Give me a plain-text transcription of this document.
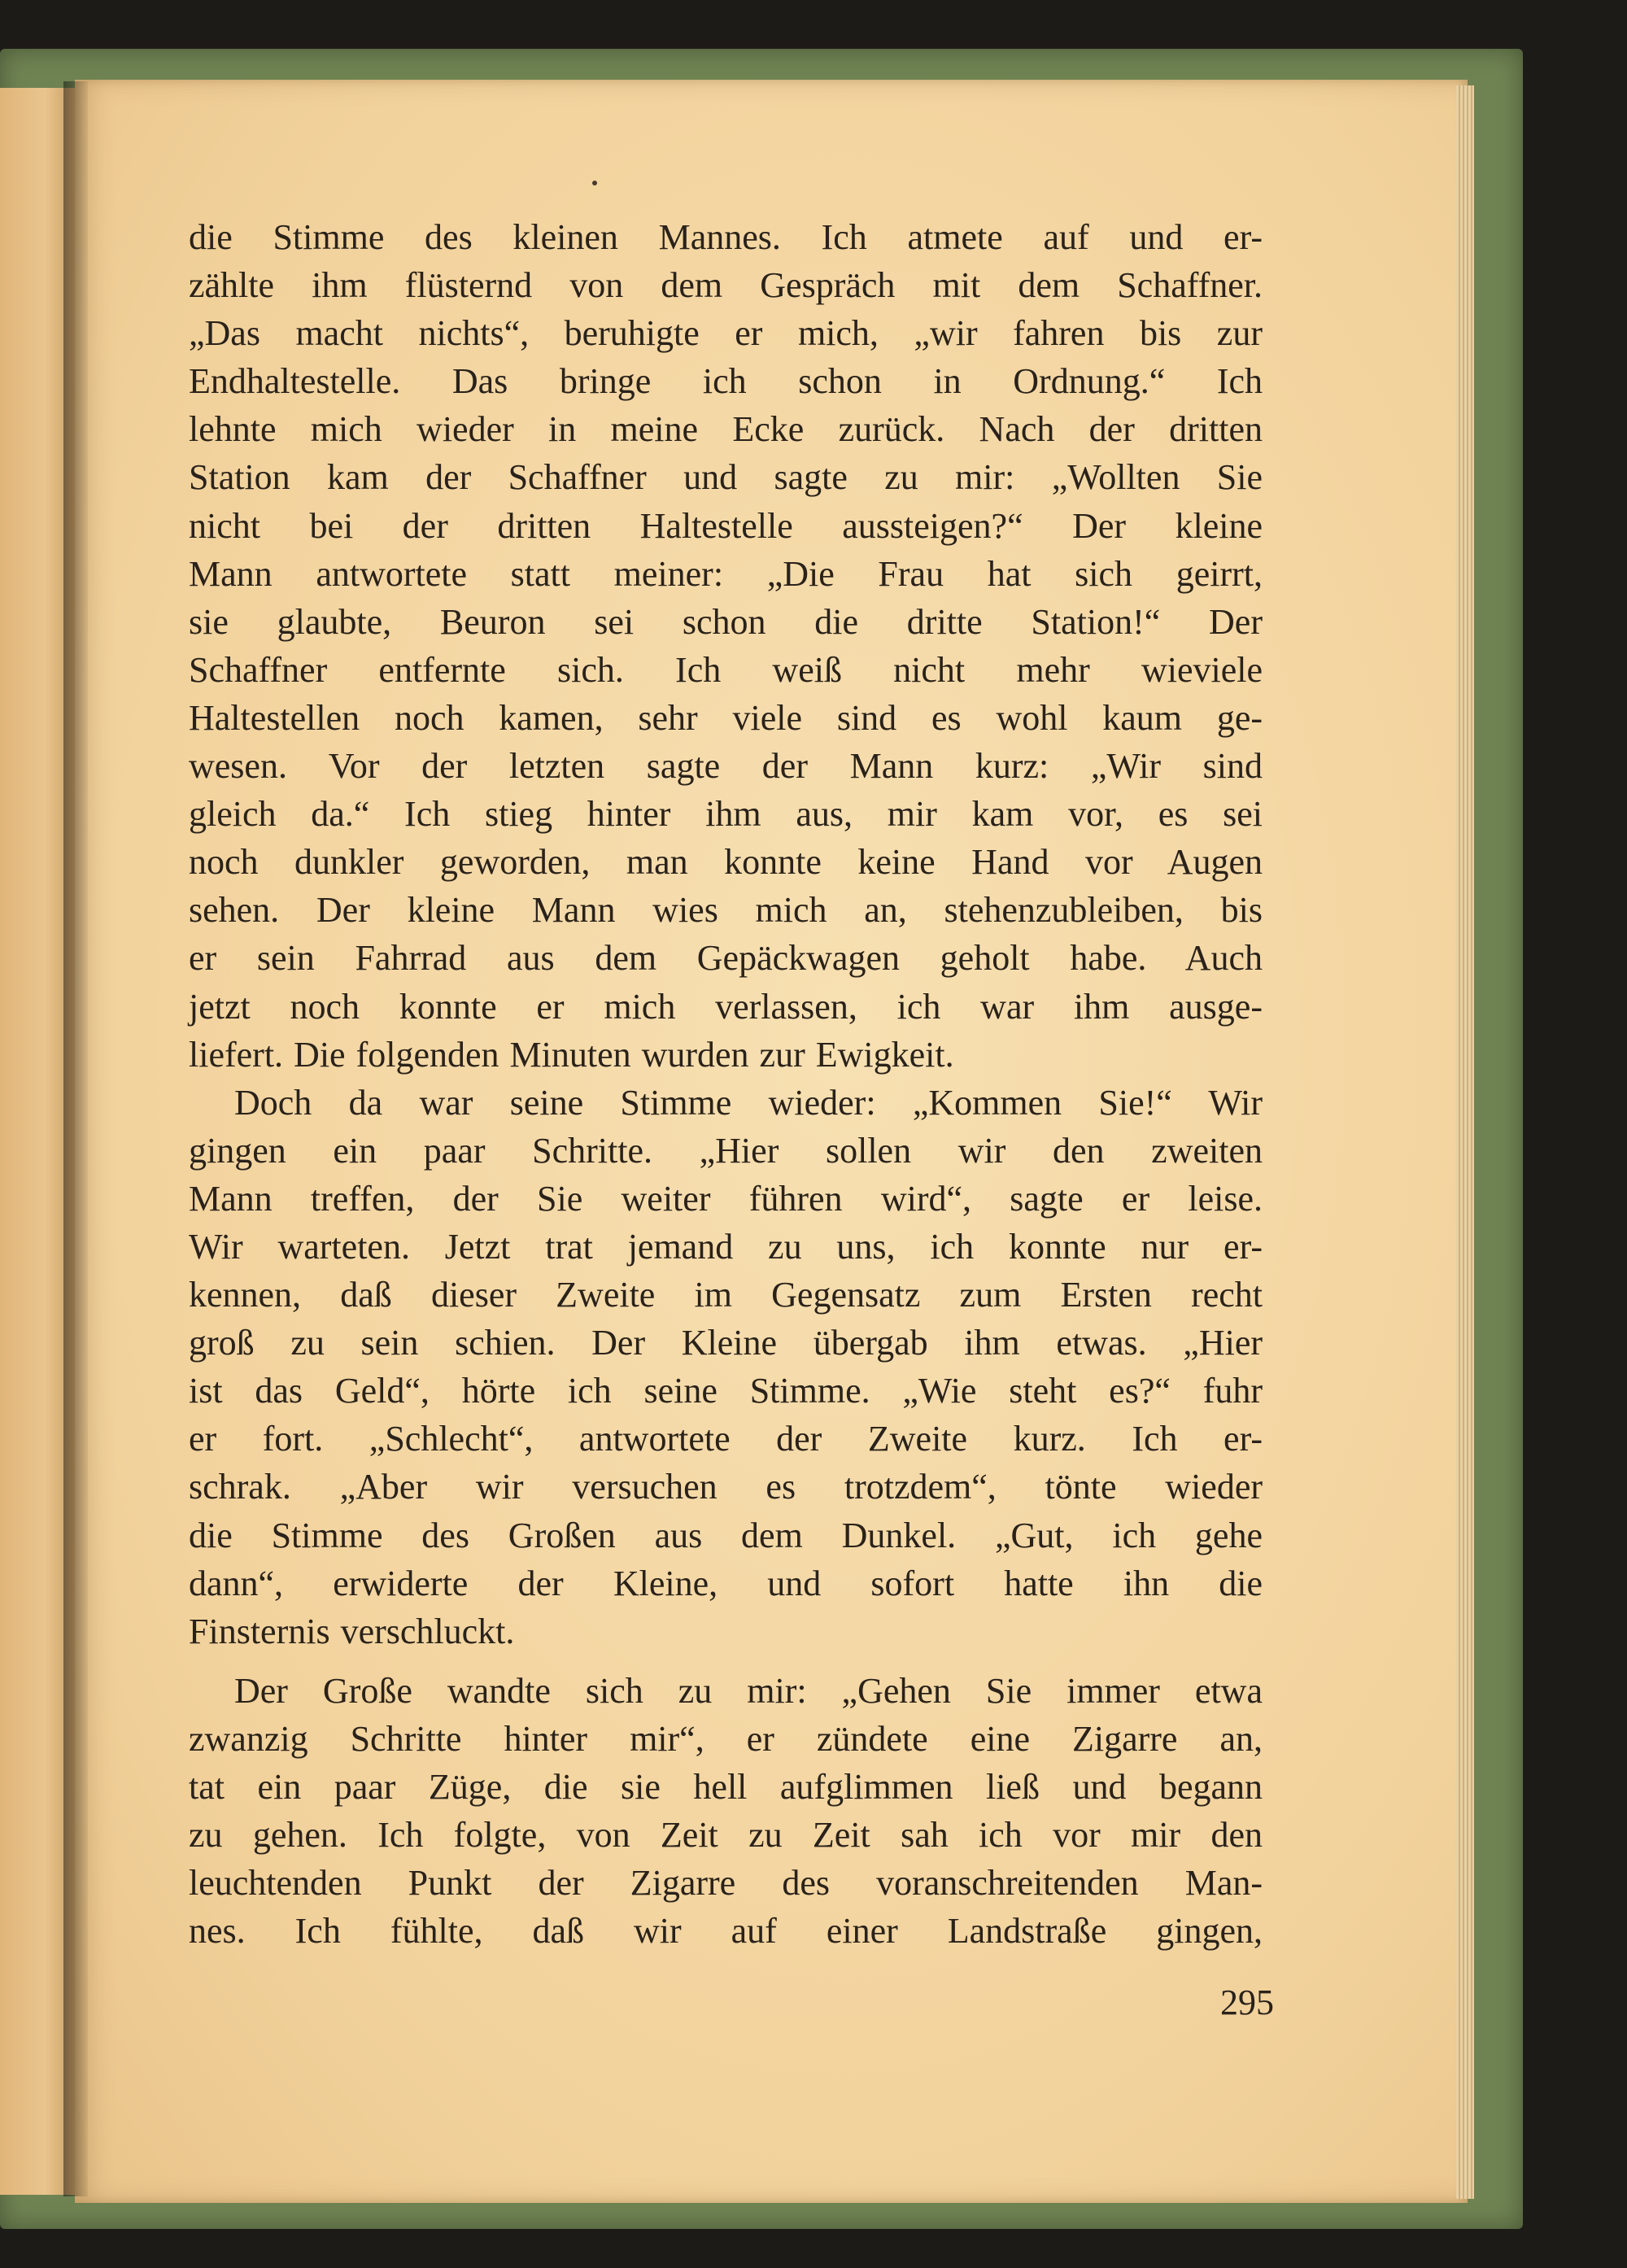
die Stimme des kleinen Mannes. Ich atmete auf und er-
zählte ihm flüsternd von dem Gespräch mit dem Schaffner.
„Das macht nichts“, beruhigte er mich, „wir fahren bis zur
Endhaltestelle. Das bringe ich schon in Ordnung.“ Ich
lehnte mich wieder in meine Ecke zurück. Nach der dritten
Station kam der Schaffner und sagte zu mir: „Wollten Sie
nicht bei der dritten Haltestelle aussteigen?“ Der kleine
Mann antwortete statt meiner: „Die Frau hat sich geirrt,
sie glaubte, Beuron sei schon die dritte Station!“ Der
Schaffner entfernte sich. Ich weiß nicht mehr wieviele
Haltestellen noch kamen, sehr viele sind es wohl kaum ge-
wesen. Vor der letzten sagte der Mann kurz: „Wir sind
gleich da.“ Ich stieg hinter ihm aus, mir kam vor, es sei
noch dunkler geworden, man konnte keine Hand vor Augen
sehen. Der kleine Mann wies mich an, stehenzubleiben, bis
er sein Fahrrad aus dem Gepäckwagen geholt habe. Auch
jetzt noch konnte er mich verlassen, ich war ihm ausge-
liefert. Die folgenden Minuten wurden zur Ewigkeit.
Doch da war seine Stimme wieder: „Kommen Sie!“ Wir
gingen ein paar Schritte. „Hier sollen wir den zweiten
Mann treffen, der Sie weiter führen wird“, sagte er leise.
Wir warteten. Jetzt trat jemand zu uns, ich konnte nur er-
kennen, daß dieser Zweite im Gegensatz zum Ersten recht
groß zu sein schien. Der Kleine übergab ihm etwas. „Hier
ist das Geld“, hörte ich seine Stimme. „Wie steht es?“ fuhr
er fort. „Schlecht“, antwortete der Zweite kurz. Ich er-
schrak. „Aber wir versuchen es trotzdem“, tönte wieder
die Stimme des Großen aus dem Dunkel. „Gut, ich gehe
dann“, erwiderte der Kleine, und sofort hatte ihn die
Finsternis verschluckt.
Der Große wandte sich zu mir: „Gehen Sie immer etwa
zwanzig Schritte hinter mir“, er zündete eine Zigarre an,
tat ein paar Züge, die sie hell aufglimmen ließ und begann
zu gehen. Ich folgte, von Zeit zu Zeit sah ich vor mir den
leuchtenden Punkt der Zigarre des voranschreitenden Man-
nes. Ich fühlte, daß wir auf einer Landstraße gingen,
295
